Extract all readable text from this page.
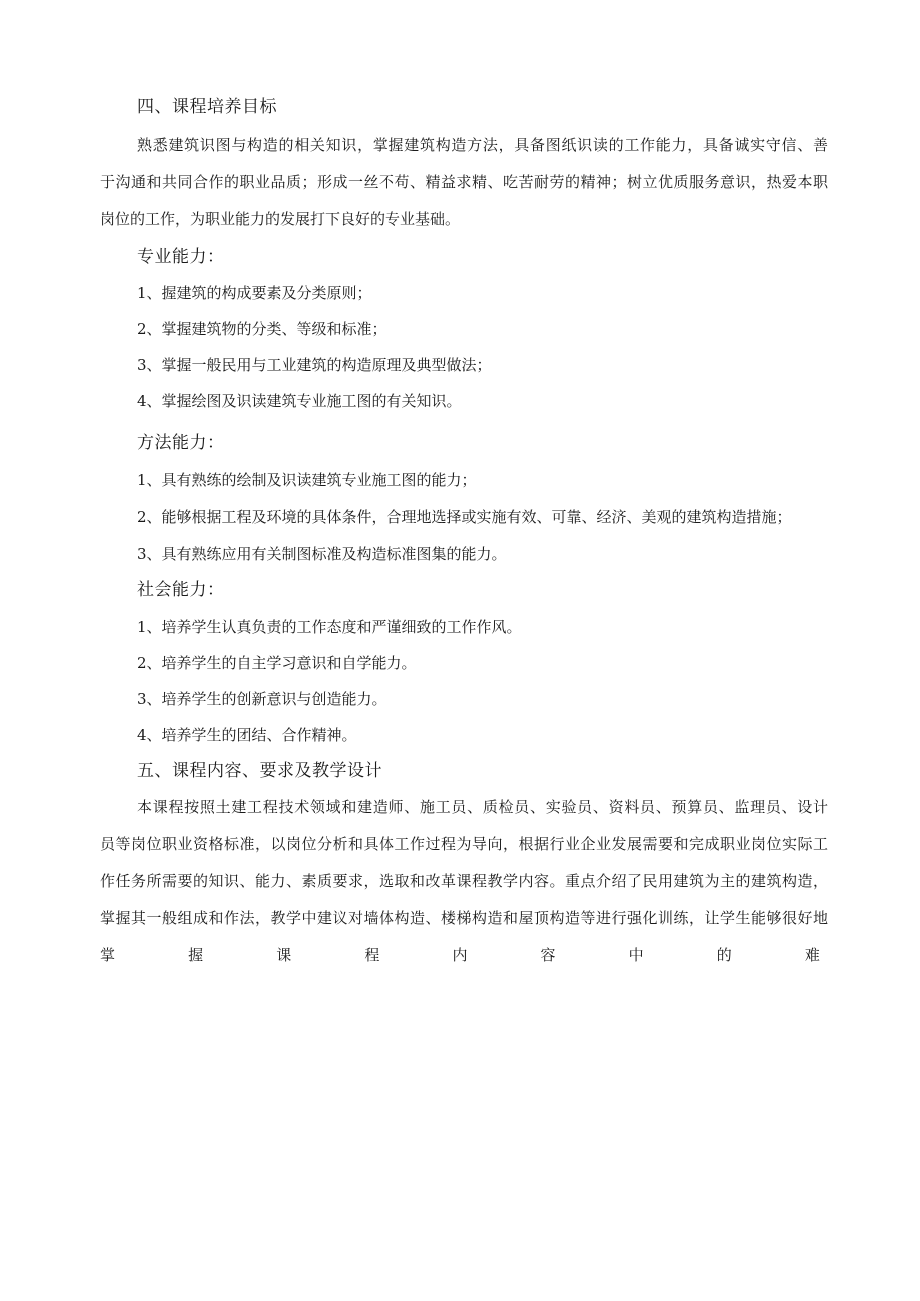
四、课程培养目标
熟悉建筑识图与构造的相关知识，掌握建筑构造方法，具备图纸识读的工作能力，具备诚实守信、善
于沟通和共同合作的职业品质；形成一丝不苟、精益求精、吃苦耐劳的精神；树立优质服务意识，热爱本职
岗位的工作，为职业能力的发展打下良好的专业基础。
专业能力：
1、握建筑的构成要素及分类原则；
2、掌握建筑物的分类、等级和标准；
3、掌握一般民用与工业建筑的构造原理及典型做法；
4、掌握绘图及识读建筑专业施工图的有关知识。
方法能力：
1、具有熟练的绘制及识读建筑专业施工图的能力；
2、能够根据工程及环境的具体条件，合理地选择或实施有效、可靠、经济、美观的建筑构造措施；
3、具有熟练应用有关制图标准及构造标准图集的能力。
社会能力：
1、培养学生认真负责的工作态度和严谨细致的工作作风。
2、培养学生的自主学习意识和自学能力。
3、培养学生的创新意识与创造能力。
4、培养学生的团结、合作精神。
五、课程内容、要求及教学设计
本课程按照土建工程技术领域和建造师、施工员、质检员、实验员、资料员、预算员、监理员、设计
员等岗位职业资格标准，以岗位分析和具体工作过程为导向，根据行业企业发展需要和完成职业岗位实际工
作任务所需要的知识、能力、素质要求，选取和改革课程教学内容。重点介绍了民用建筑为主的建筑构造，
掌握其一般组成和作法，教学中建议对墙体构造、楼梯构造和屋顶构造等进行强化训练，让学生能够很好地
掌	握	课	程	内	容	中	的	难
